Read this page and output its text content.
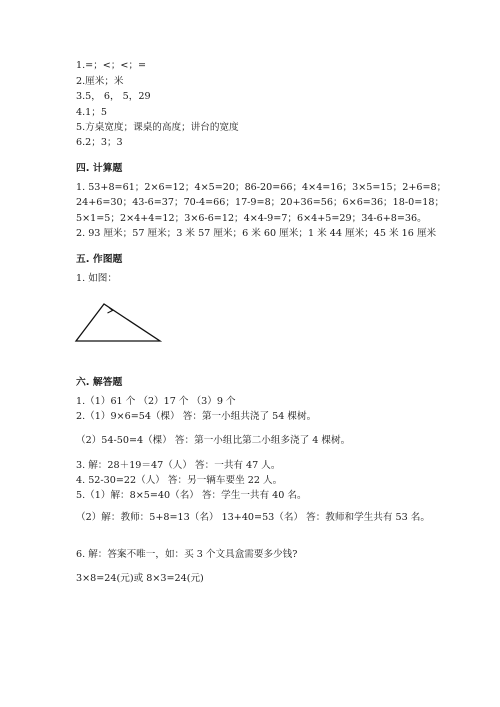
1.=；<；<；=
2.厘米；米
3.5， 6， 5，29
4.1；5
5.方桌宽度；课桌的高度；讲台的宽度
6.2；3；3
四. 计算题
1. 53+8=61；2×6=12；4×5=20；86-20=66；4×4=16；3×5=15；2+6=8；
24+6=30；43-6=37；70-4=66；17-9=8；20+36=56；6×6=36；18-0=18；
5×1=5；2×4+4=12；3×6-6=12；4×4-9=7；6×4+5=29；34-6+8=36。
2. 93 厘米；57 厘米；3 米 57 厘米；6 米 60 厘米；1 米 44 厘米；45 米 16 厘米
五. 作图题
1. 如图：
六. 解答题
1.（1）61 个 （2）17 个 （3）9 个
2.（1）9×6=54（棵） 答：第一小组共浇了 54 棵树。
（2）54-50=4（棵） 答：第一小组比第二小组多浇了 4 棵树。
3. 解：28＋19＝47（人） 答：一共有 47 人。
4. 52-30=22（人） 答：另一辆车要坐 22 人。
5.（1）解：8×5=40（名） 答：学生一共有 40 名。
（2）解：教师：5+8=13（名） 13+40=53（名） 答：教师和学生共有 53 名。
6. 解：答案不唯一，如：买 3 个文具盒需要多少钱?
3×8=24(元)或 8×3=24(元)
